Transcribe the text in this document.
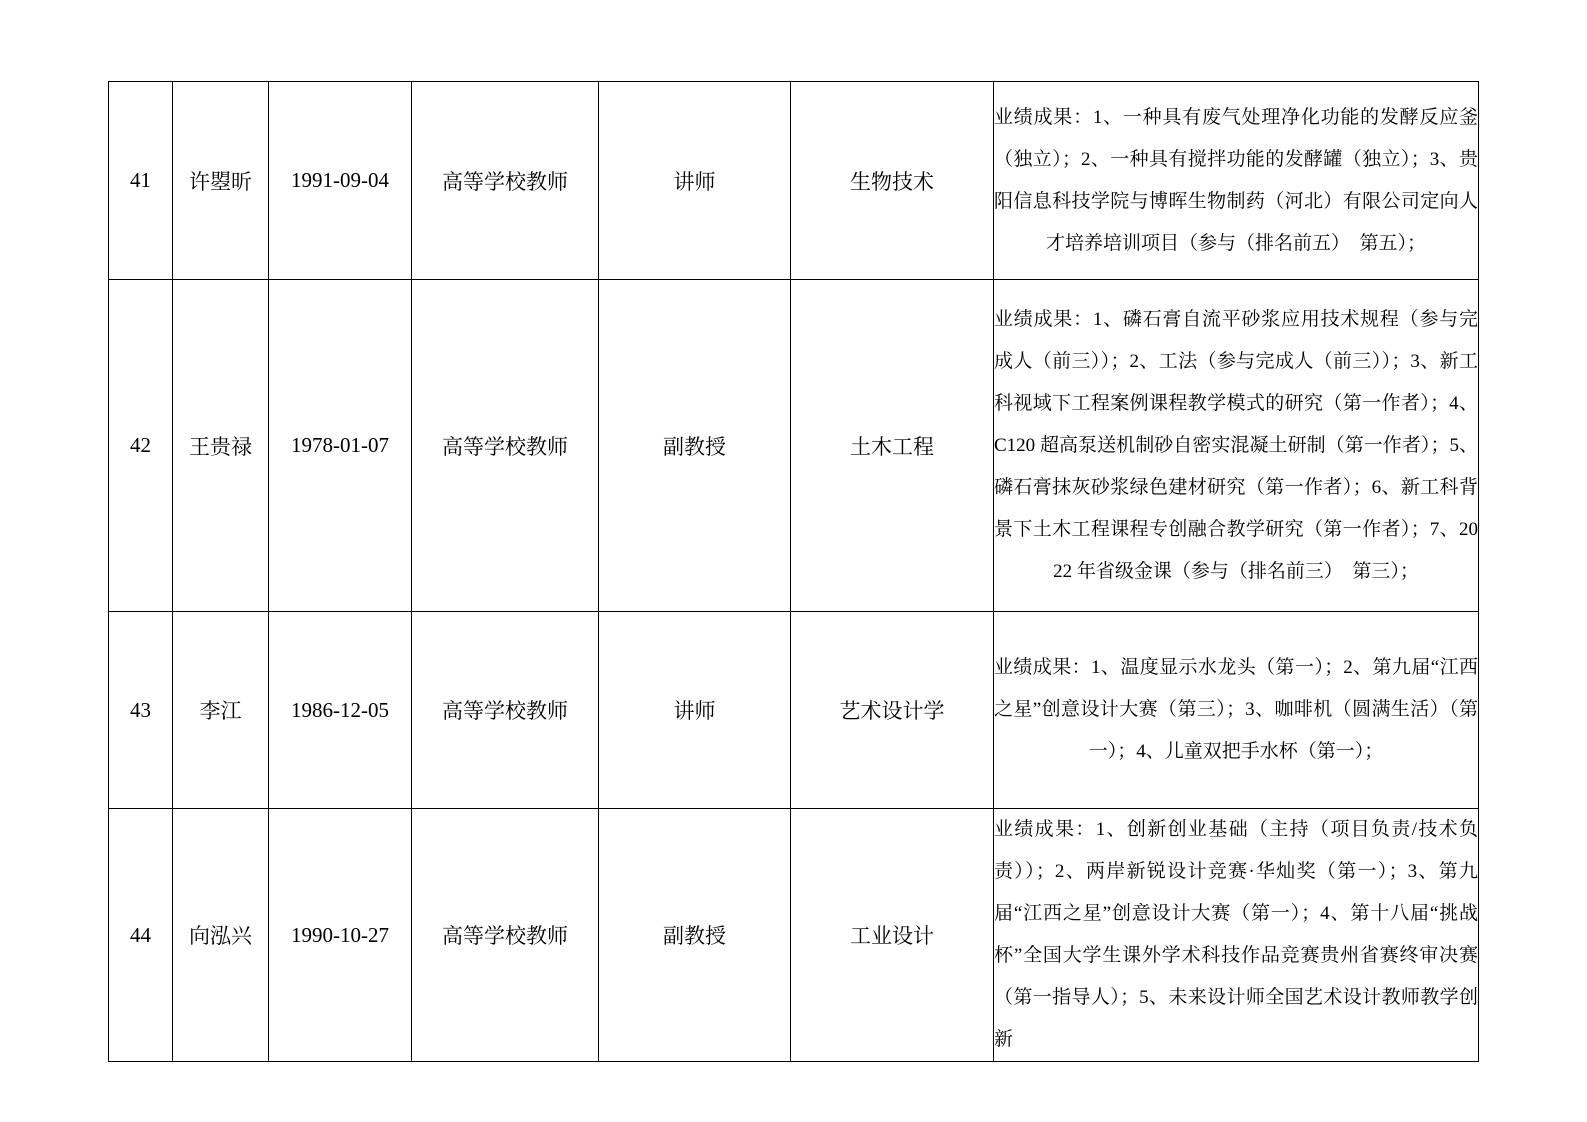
41	许曌昕	1991-09-04	高等学校教师	讲师	生物技术	业绩成果：1、一种具有废气处理净化功能的发酵反应釜（独立）；2、一种具有搅拌功能的发酵罐（独立）；3、贵阳信息科技学院与博晖生物制药（河北）有限公司定向人才培养培训项目（参与（排名前五）　第五）；

42	王贵禄	1978-01-07	高等学校教师	副教授	土木工程	业绩成果：1、磷石膏自流平砂浆应用技术规程（参与完成人（前三））；2、工法（参与完成人（前三））；3、新工科视域下工程案例课程教学模式的研究（第一作者）；4、C120 超高泵送机制砂自密实混凝土研制（第一作者）；5、磷石膏抹灰砂浆绿色建材研究（第一作者）；6、新工科背景下土木工程课程专创融合教学研究（第一作者）；7、2022 年省级金课（参与（排名前三）　第三）；

43	李江	1986-12-05	高等学校教师	讲师	艺术设计学	业绩成果：1、温度显示水龙头（第一）；2、第九届“江西之星”创意设计大赛（第三）；3、咖啡机（圆满生活）（第一）；4、儿童双把手水杯（第一）；

44	向泓兴	1990-10-27	高等学校教师	副教授	工业设计	业绩成果：1、创新创业基础（主持（项目负责/技术负责））；2、两岸新锐设计竞赛·华灿奖（第一）；3、第九届“江西之星”创意设计大赛（第一）；4、第十八届“挑战杯”全国大学生课外学术科技作品竞赛贵州省赛终审决赛（第一指导人）；5、未来设计师全国艺术设计教师教学创新
